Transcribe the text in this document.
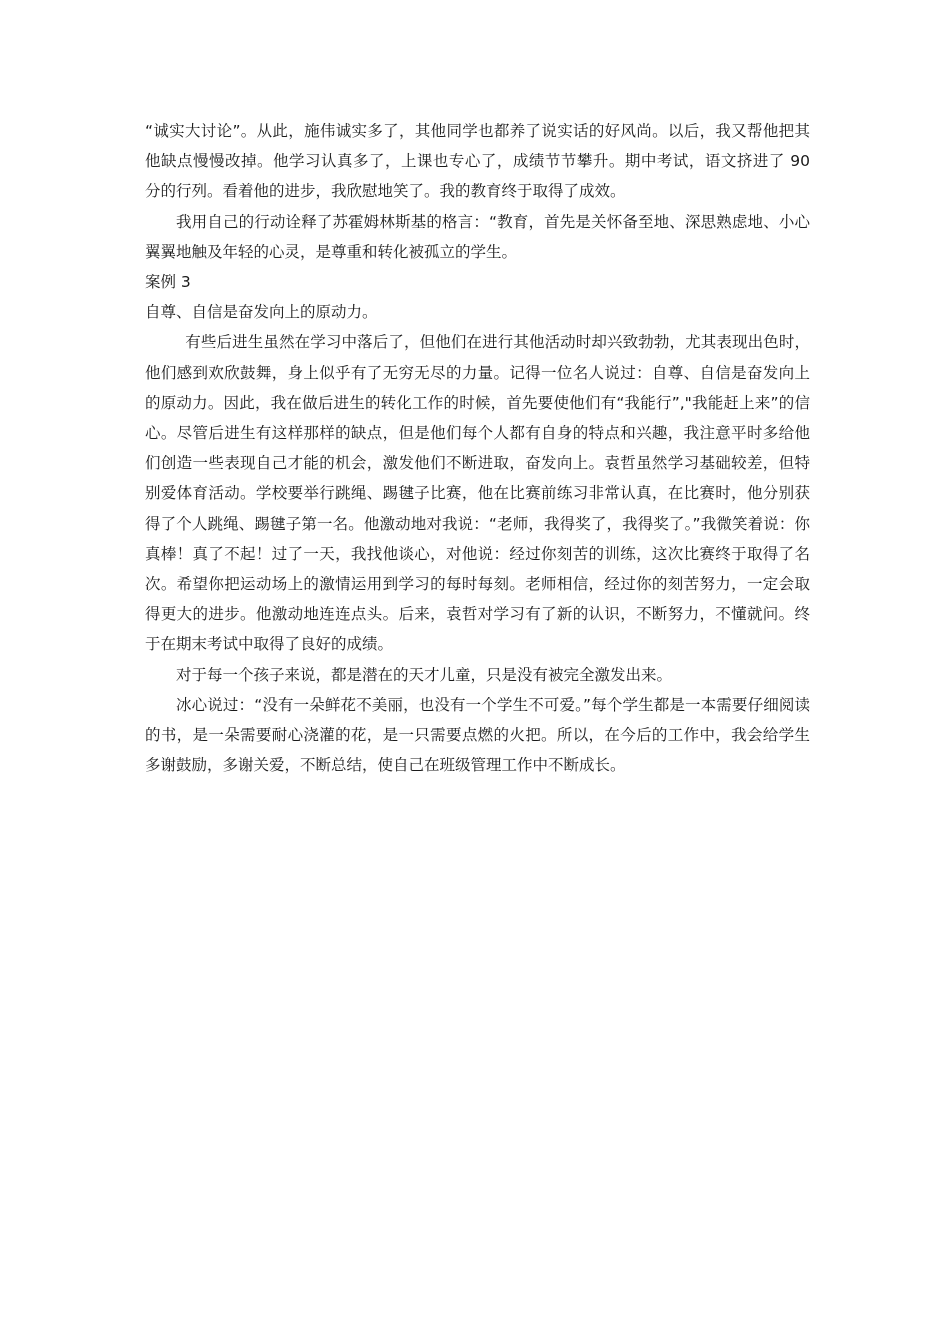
“诚实大讨论”。从此，施伟诚实多了，其他同学也都养了说实话的好风尚。以后，我又帮他把其他缺点慢慢改掉。他学习认真多了，上课也专心了，成绩节节攀升。期中考试，语文挤进了 90 分的行列。看着他的进步，我欣慰地笑了。我的教育终于取得了成效。

我用自己的行动诠释了苏霍姆林斯基的格言：“教育，首先是关怀备至地、深思熟虑地、小心翼翼地触及年轻的心灵，是尊重和转化被孤立的学生。

案例 3

自尊、自信是奋发向上的原动力。

有些后进生虽然在学习中落后了，但他们在进行其他活动时却兴致勃勃，尤其表现出色时，他们感到欢欣鼓舞，身上似乎有了无穷无尽的力量。记得一位名人说过：自尊、自信是奋发向上的原动力。因此，我在做后进生的转化工作的时候，首先要使他们有“我能行”,"我能赶上来”的信心。尽管后进生有这样那样的缺点，但是他们每个人都有自身的特点和兴趣，我注意平时多给他们创造一些表现自己才能的机会，激发他们不断进取，奋发向上。袁哲虽然学习基础较差，但特别爱体育活动。学校要举行跳绳、踢毽子比赛，他在比赛前练习非常认真，在比赛时，他分别获得了个人跳绳、踢毽子第一名。他激动地对我说：“老师，我得奖了，我得奖了。”我微笑着说：你真棒！真了不起！过了一天，我找他谈心，对他说：经过你刻苦的训练，这次比赛终于取得了名次。希望你把运动场上的激情运用到学习的每时每刻。老师相信，经过你的刻苦努力，一定会取得更大的进步。他激动地连连点头。后来，袁哲对学习有了新的认识，不断努力，不懂就问。终于在期末考试中取得了良好的成绩。

对于每一个孩子来说，都是潜在的天才儿童，只是没有被完全激发出来。

冰心说过：“没有一朵鲜花不美丽，也没有一个学生不可爱。”每个学生都是一本需要仔细阅读的书，是一朵需要耐心浇灌的花，是一只需要点燃的火把。所以，在今后的工作中，我会给学生多谢鼓励，多谢关爱，不断总结，使自己在班级管理工作中不断成长。
